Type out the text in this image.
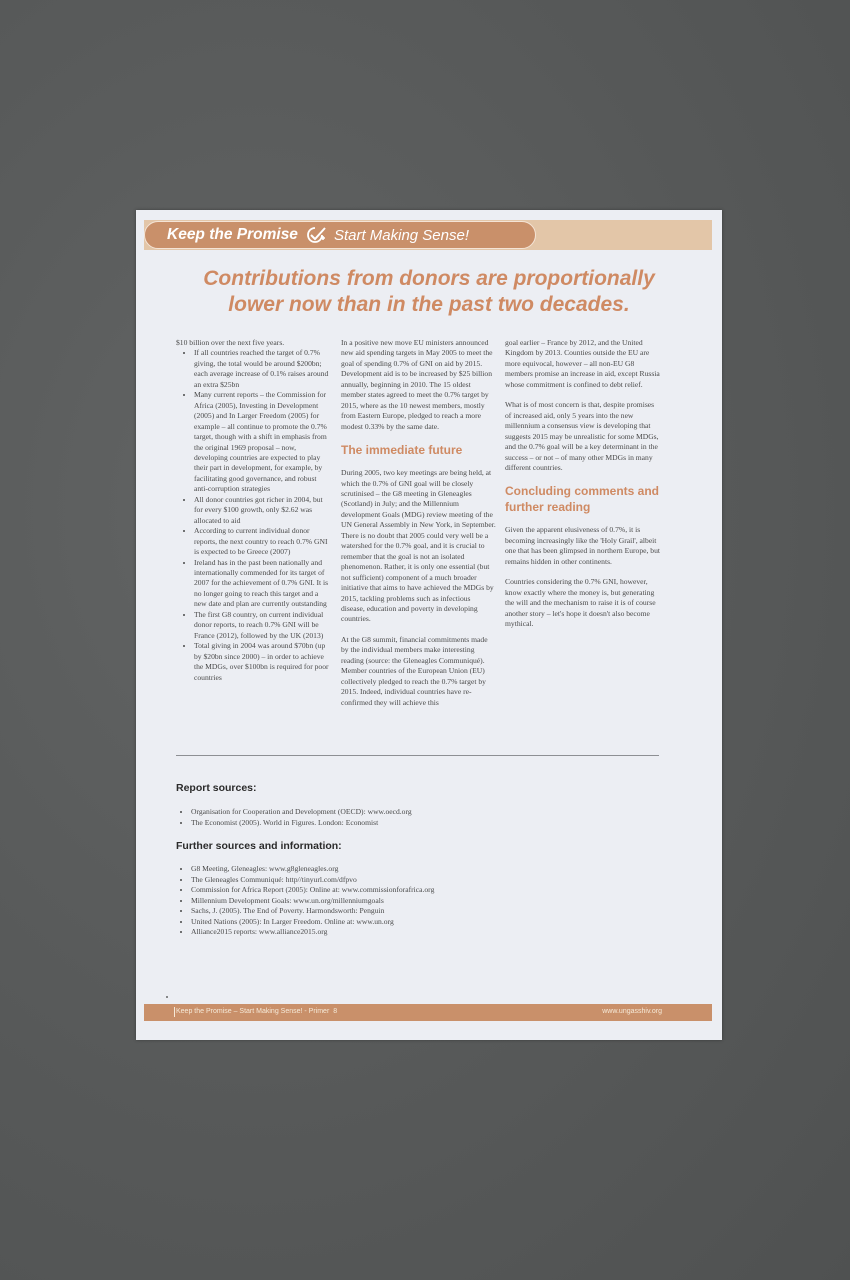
Keep the Promise Start Making Sense!
Contributions from donors are proportionally
lower now than in the past two decades.

$10 billion over the next five years.

• If all countries reached the target of 0.7% giving, the total would be around $200bn; each average increase of 0.1% raises around an extra $25bn
• Many current reports – the Commission for Africa (2005), Investing in Development (2005) and In Larger Freedom (2005) for example – all continue to promote the 0.7% target, though with a shift in emphasis from the original 1969 proposal – now, developing countries are expected to play their part in development, for example, by facilitating good governance, and robust anti-corruption strategies
• All donor countries got richer in 2004, but for every $100 growth, only $2.62 was allocated to aid
• According to current individual donor reports, the next country to reach 0.7% GNI is expected to be Greece (2007)
• Ireland has in the past been nationally and internationally commended for its target of 2007 for the achievement of 0.7% GNI. It is no longer going to reach this target and a new date and plan are currently outstanding
• The first G8 country, on current individual donor reports, to reach 0.7% GNI will be France (2012), followed by the UK (2013)
• Total giving in 2004 was around $70bn (up by $20bn since 2000) – in order to achieve the MDGs, over $100bn is required for poor countries

In a positive new move EU ministers announced new aid spending targets in May 2005 to meet the goal of spending 0.7% of GNI on aid by 2015. Development aid is to be increased by $25 billion annually, beginning in 2010. The 15 oldest member states agreed to meet the 0.7% target by 2015, where as the 10 newest members, mostly from Eastern Europe, pledged to reach a more modest 0.33% by the same date.

The immediate future

During 2005, two key meetings are being held, at which the 0.7% of GNI goal will be closely scrutinised – the G8 meeting in Gleneagles (Scotland) in July; and the Millennium development Goals (MDG) review meeting of the UN General Assembly in New York, in September. There is no doubt that 2005 could very well be a watershed for the 0.7% goal, and it is crucial to remember that the goal is not an isolated phenomenon. Rather, it is only one essential (but not sufficient) component of a much broader initiative that aims to have achieved the MDGs by 2015, tackling problems such as infectious disease, education and poverty in developing countries.

At the G8 summit, financial commitments made by the individual members make interesting reading (source: the Gleneagles Communiqué). Member countries of the European Union (EU) collectively pledged to reach the 0.7% target by 2015. Indeed, individual countries have re-confirmed they will achieve this

goal earlier – France by 2012, and the United Kingdom by 2013. Counties outside the EU are more equivocal, however – all non-EU G8 members promise an increase in aid, except Russia whose commitment is confined to debt relief.

What is of most concern is that, despite promises of increased aid, only 5 years into the new millennium a consensus view is developing that suggests 2015 may be unrealistic for some MDGs, and the 0.7% goal will be a key determinant in the success – or not – of many other MDGs in many different countries.

Concluding comments and further reading

Given the apparent elusiveness of 0.7%, it is becoming increasingly like the 'Holy Grail', albeit one that has been glimpsed in northern Europe, but remains hidden in other continents.

Countries considering the 0.7% GNI, however, know exactly where the money is, but generating the will and the mechanism to raise it is of course another story – let's hope it doesn't also become mythical.

Report sources:
• Organisation for Cooperation and Development (OECD): www.oecd.org
• The Economist (2005). World in Figures. London: Economist
Further sources and information:
• G8 Meeting, Gleneagles: www.g8gleneagles.org
• The Gleneagles Communiqué: http//tinyurl.com/dfpvo
• Commission for Africa Report (2005): Online at: www.commissionforafrica.org
• Millennium Development Goals: www.un.org/millenniumgoals
• Sachs, J. (2005). The End of Poverty. Harmondsworth: Penguin
• United Nations (2005): In Larger Freedom. Online at: www.un.org
• Alliance2015 reports: www.alliance2015.org
Keep the Promise – Start Making Sense! - Primer 8	www.ungasshiv.org
